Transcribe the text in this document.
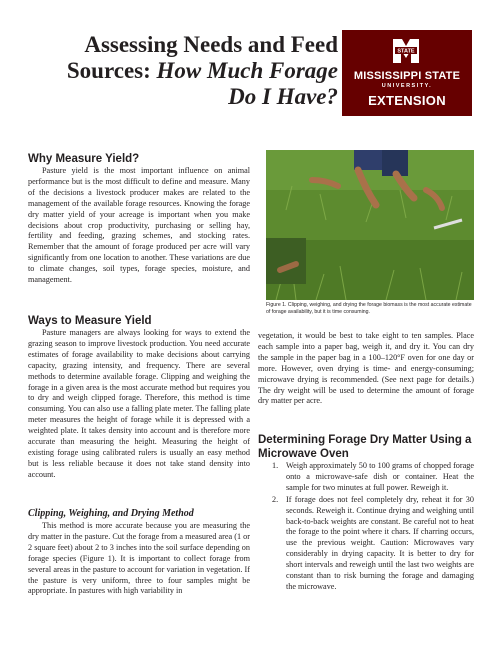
Assessing Needs and Feed
Sources: How Much Forage
Do I Have?
STATE
MISSISSIPPI STATE
UNIVERSITY.
EXTENSION
Why Measure Yield?

Pasture yield is the most important influence on animal performance but is the most difficult to define and measure. Many of the decisions a livestock producer makes are related to the management of the available forage resources. Knowing the forage dry matter yield of your acreage is important when you make decisions about crop productivity, purchasing or selling hay, fertility and feeding, grazing schemes, and stocking rates. Remember that the amount of forage produced per acre will vary significantly from one location to another. These variations are due to climate changes, soil types, forage species, moisture, and management.

Ways to Measure Yield

Pasture managers are always looking for ways to extend the grazing season to improve livestock production. You need accurate estimates of forage availability to make decisions about carrying capacity, grazing intensity, and frequency. There are several methods to determine available forage. Clipping and weighing the forage in a given area is the most accurate method but requires you to dry and weigh clipped forage. Therefore, this method is time consuming. You can also use a falling plate meter. The falling plate meter measures the height of forage while it is depressed with a weighted plate. It takes density into account and is therefore more accurate than measuring the height. Measuring the height of existing forage using calibrated rulers is usually an easy method but is less reliable because it does not take stand density into account.

Clipping, Weighing, and Drying Method

This method is more accurate because you are measuring the dry matter in the pasture. Cut the forage from a measured area (1 or 2 square feet) about 2 to 3 inches into the soil surface depending on forage species (Figure 1). It is important to collect forage from several areas in the pasture to account for variation in vegetation. If the pasture is very uniform, three to four samples might be appropriate. In pastures with high variability in

Figure 1. Clipping, weighing, and drying the forage biomass is the most accurate estimate of forage availability, but it is time consuming.

vegetation, it would be best to take eight to ten samples. Place each sample into a paper bag, weigh it, and dry it. You can dry the sample in the paper bag in a 100–120°F oven for one day or more. However, oven drying is time- and energy-consuming; microwave drying is recommended. (See next page for details.) The dry weight will be used to determine the amount of forage dry matter per acre.

Determining Forage Dry Matter Using a
Microwave Oven
1. Weigh approximately 50 to 100 grams of chopped forage onto a microwave-safe dish or container. Heat the sample for two minutes at full power. Reweigh it.
2. If forage does not feel completely dry, reheat it for 30 seconds. Reweigh it. Continue drying and weighing until back-to-back weights are constant. Be careful not to heat the forage to the point where it chars. If charring occurs, use the previous weight. Caution: Microwaves vary considerably in drying capacity. It is better to dry for short intervals and reweigh until the last two weights are constant than to risk burning the forage and damaging the microwave.
